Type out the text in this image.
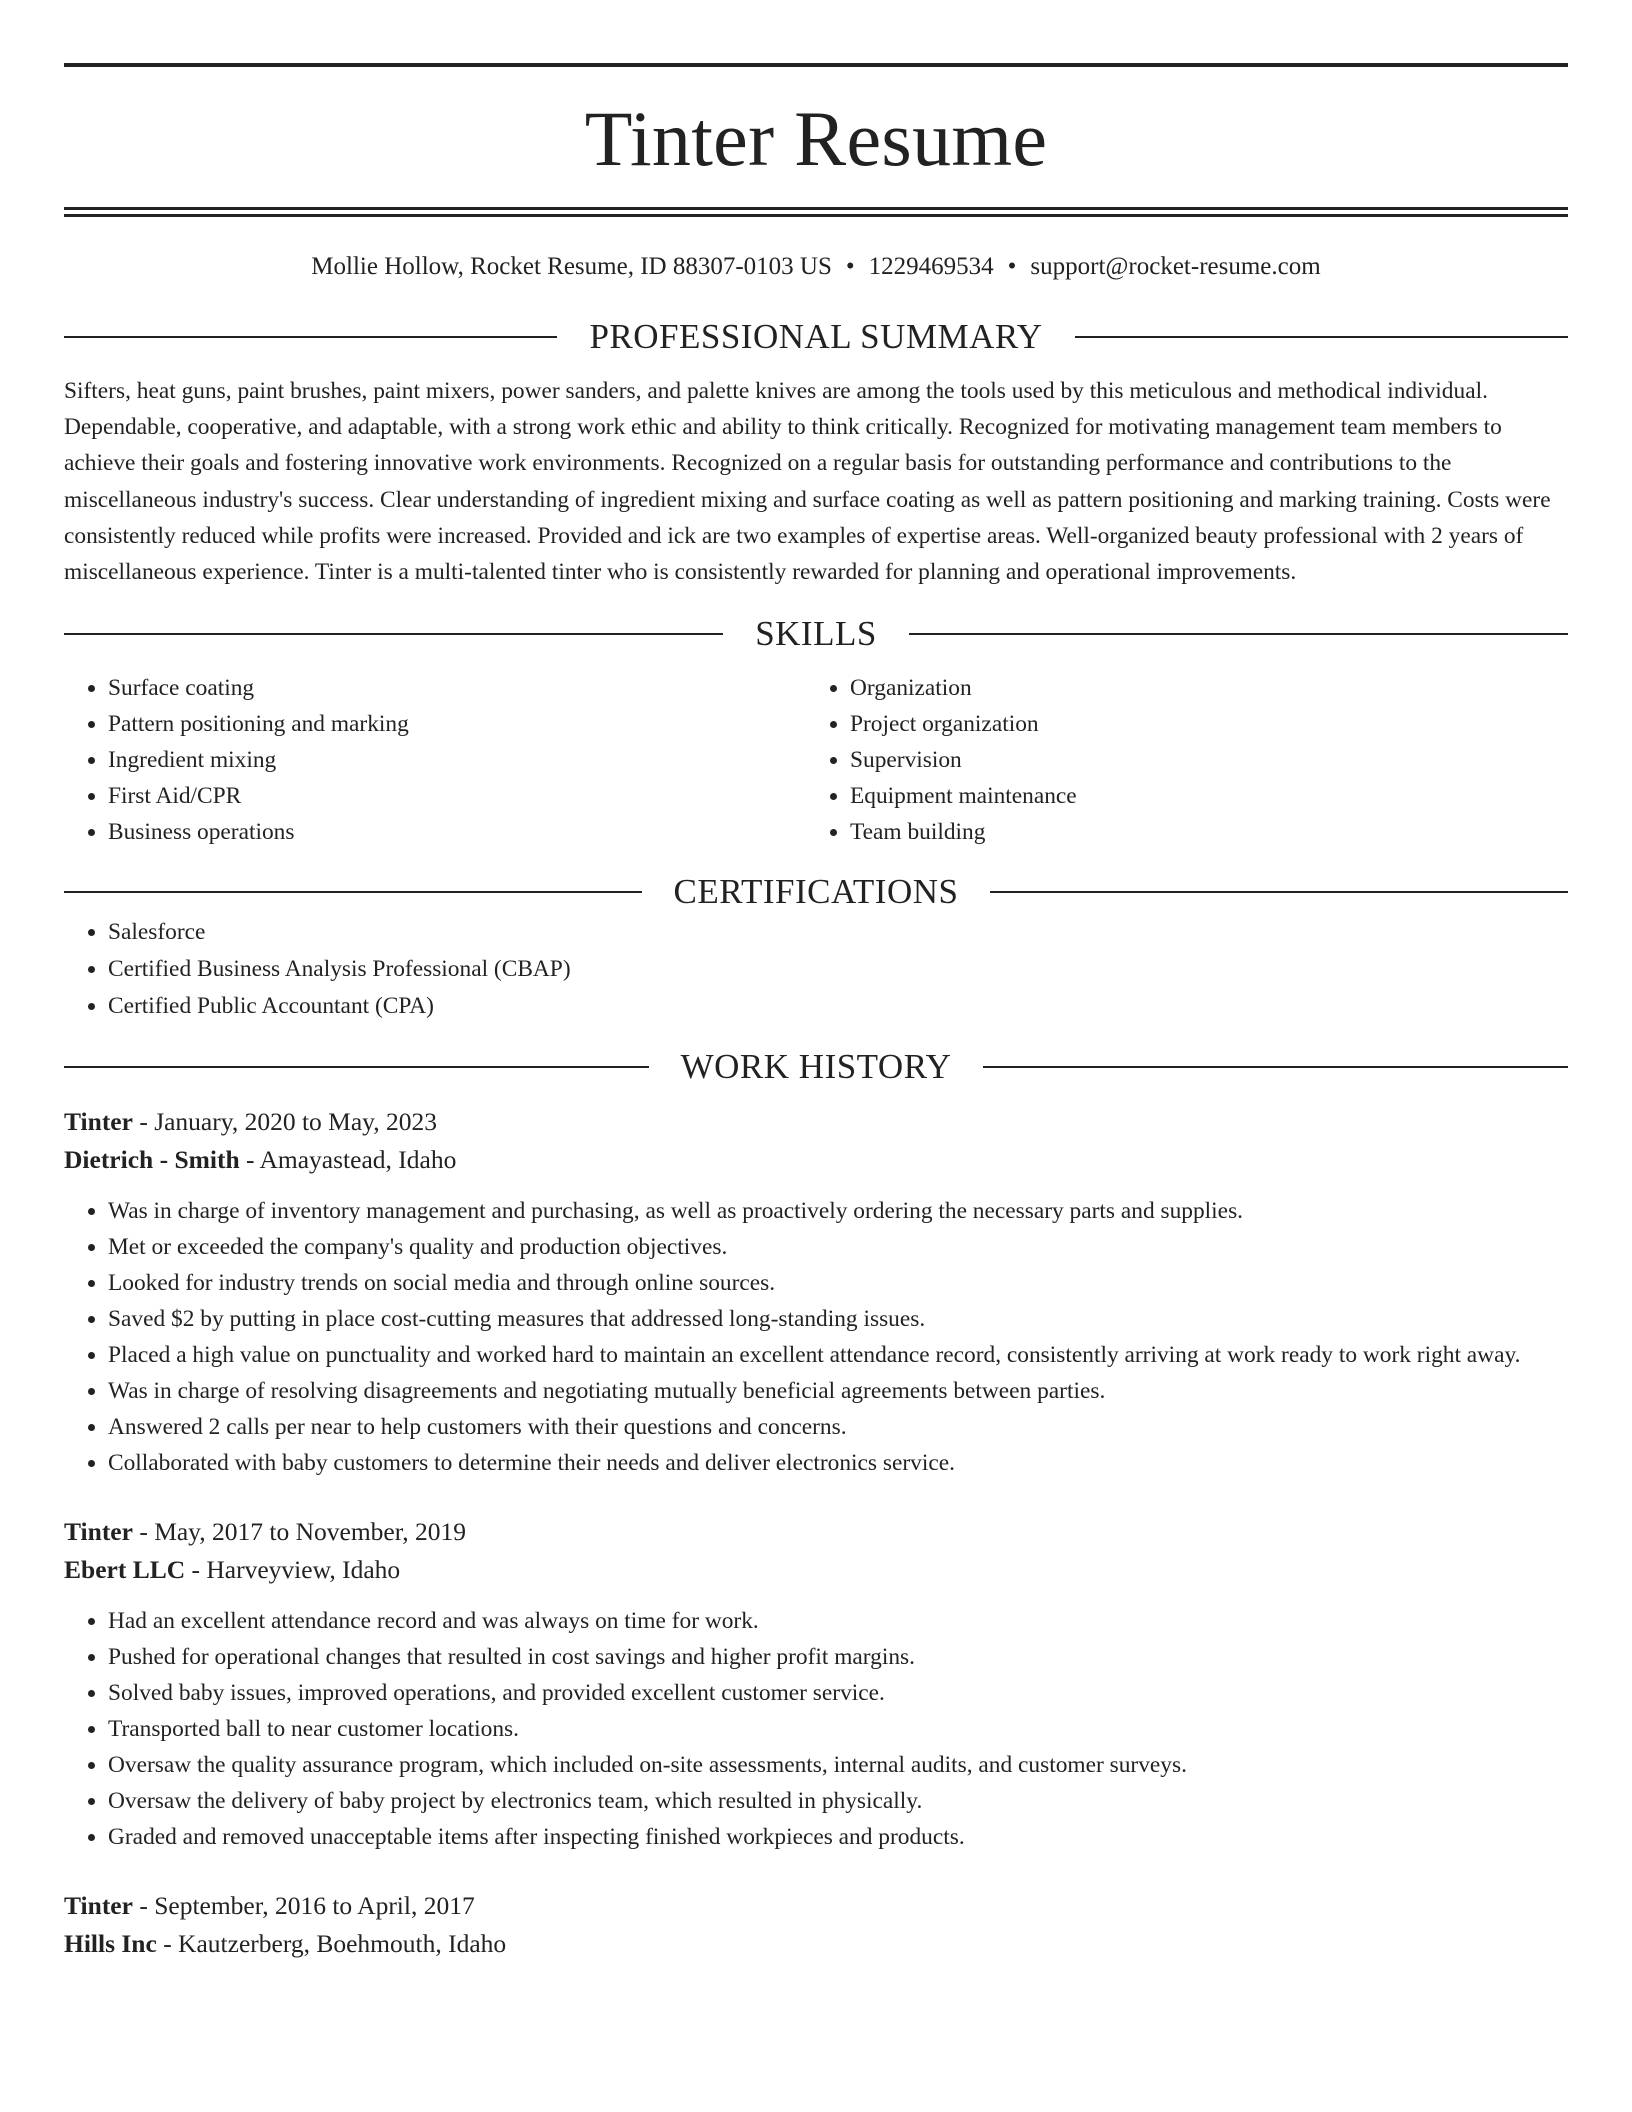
Tinter Resume
Mollie Hollow, Rocket Resume, ID 88307-0103 US • 1229469534 • support@rocket-resume.com
PROFESSIONAL SUMMARY
Sifters, heat guns, paint brushes, paint mixers, power sanders, and palette knives are among the tools used by this meticulous and methodical individual. Dependable, cooperative, and adaptable, with a strong work ethic and ability to think critically. Recognized for motivating management team members to achieve their goals and fostering innovative work environments. Recognized on a regular basis for outstanding performance and contributions to the miscellaneous industry's success. Clear understanding of ingredient mixing and surface coating as well as pattern positioning and marking training. Costs were consistently reduced while profits were increased. Provided and ick are two examples of expertise areas. Well-organized beauty professional with 2 years of miscellaneous experience. Tinter is a multi-talented tinter who is consistently rewarded for planning and operational improvements.
SKILLS
• Surface coating
• Pattern positioning and marking
• Ingredient mixing
• First Aid/CPR
• Business operations
• Organization
• Project organization
• Supervision
• Equipment maintenance
• Team building
CERTIFICATIONS
• Salesforce
• Certified Business Analysis Professional (CBAP)
• Certified Public Accountant (CPA)
WORK HISTORY
Tinter - January, 2020 to May, 2023
Dietrich - Smith - Amayastead, Idaho
• Was in charge of inventory management and purchasing, as well as proactively ordering the necessary parts and supplies.
• Met or exceeded the company's quality and production objectives.
• Looked for industry trends on social media and through online sources.
• Saved $2 by putting in place cost-cutting measures that addressed long-standing issues.
• Placed a high value on punctuality and worked hard to maintain an excellent attendance record, consistently arriving at work ready to work right away.
• Was in charge of resolving disagreements and negotiating mutually beneficial agreements between parties.
• Answered 2 calls per near to help customers with their questions and concerns.
• Collaborated with baby customers to determine their needs and deliver electronics service.
Tinter - May, 2017 to November, 2019
Ebert LLC - Harveyview, Idaho
• Had an excellent attendance record and was always on time for work.
• Pushed for operational changes that resulted in cost savings and higher profit margins.
• Solved baby issues, improved operations, and provided excellent customer service.
• Transported ball to near customer locations.
• Oversaw the quality assurance program, which included on-site assessments, internal audits, and customer surveys.
• Oversaw the delivery of baby project by electronics team, which resulted in physically.
• Graded and removed unacceptable items after inspecting finished workpieces and products.
Tinter - September, 2016 to April, 2017
Hills Inc - Kautzerberg, Boehmouth, Idaho
